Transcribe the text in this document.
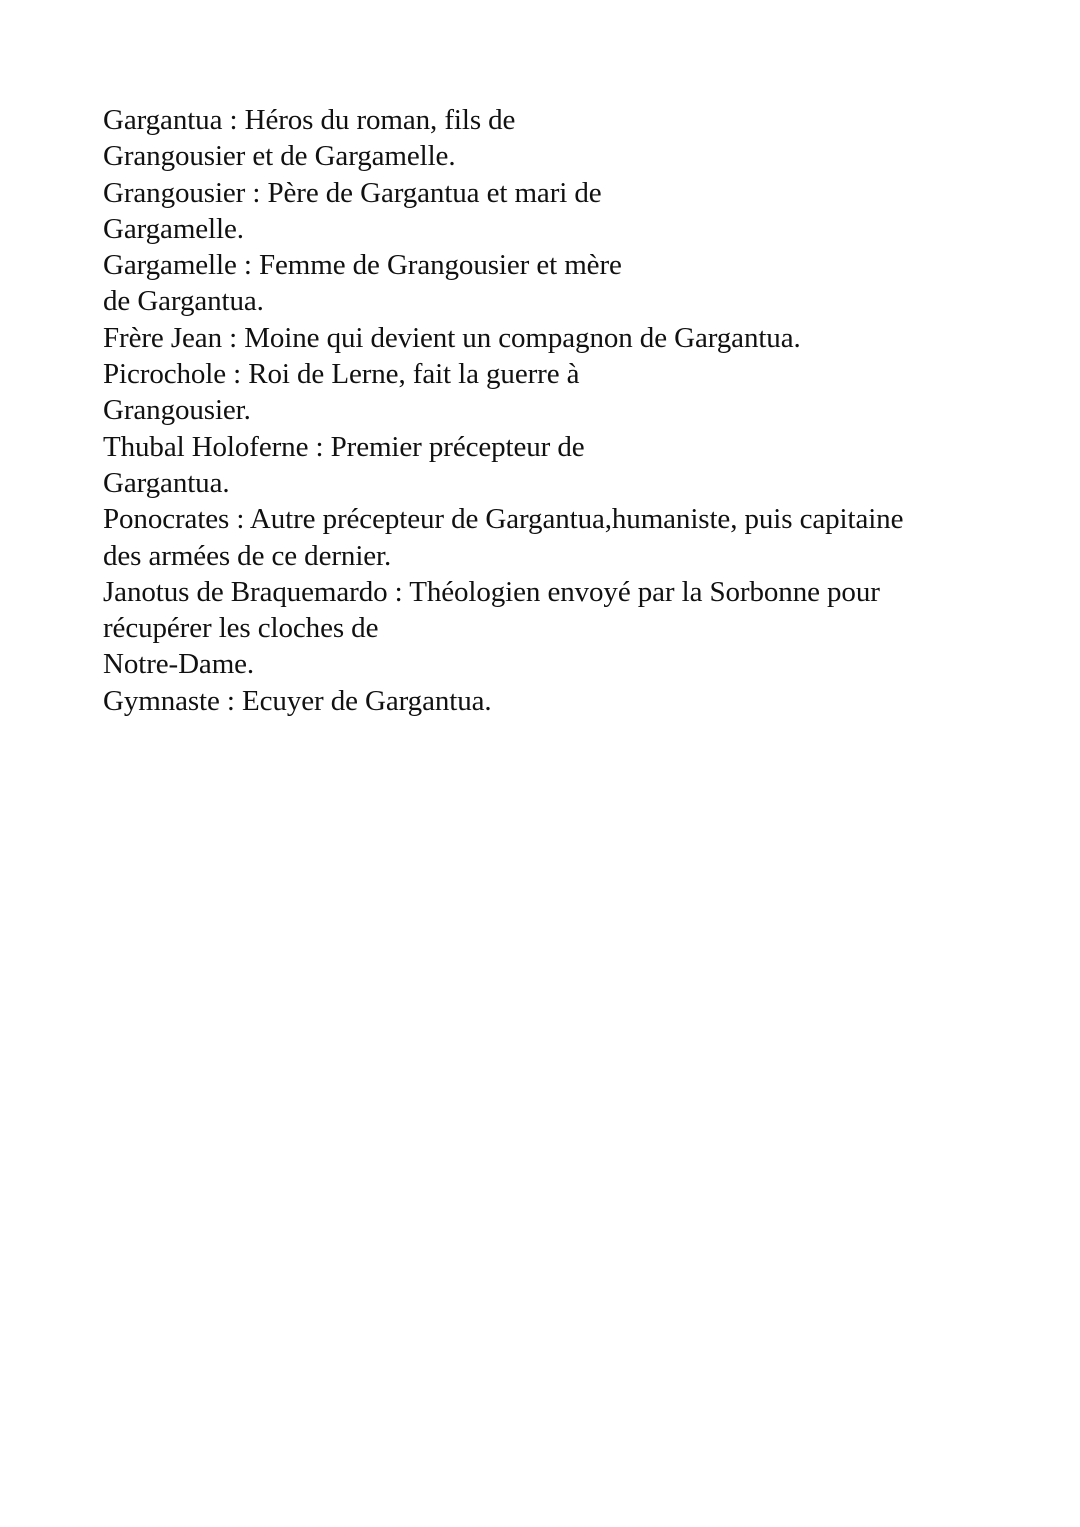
Gargantua : Héros du roman, fils de
Grangousier et de Gargamelle.
Grangousier : Père de Gargantua et mari de
Gargamelle.
Gargamelle : Femme de Grangousier et mère
de Gargantua.
Frère Jean : Moine qui devient un compagnon de Gargantua.
Picrochole : Roi de Lerne, fait la guerre à
Grangousier.
Thubal Holoferne : Premier précepteur de
Gargantua.
Ponocrates : Autre précepteur de Gargantua,humaniste, puis capitaine
des armées de ce dernier.
Janotus de Braquemardo : Théologien envoyé par la Sorbonne pour
récupérer les cloches de
Notre-Dame.
Gymnaste : Ecuyer de Gargantua.
